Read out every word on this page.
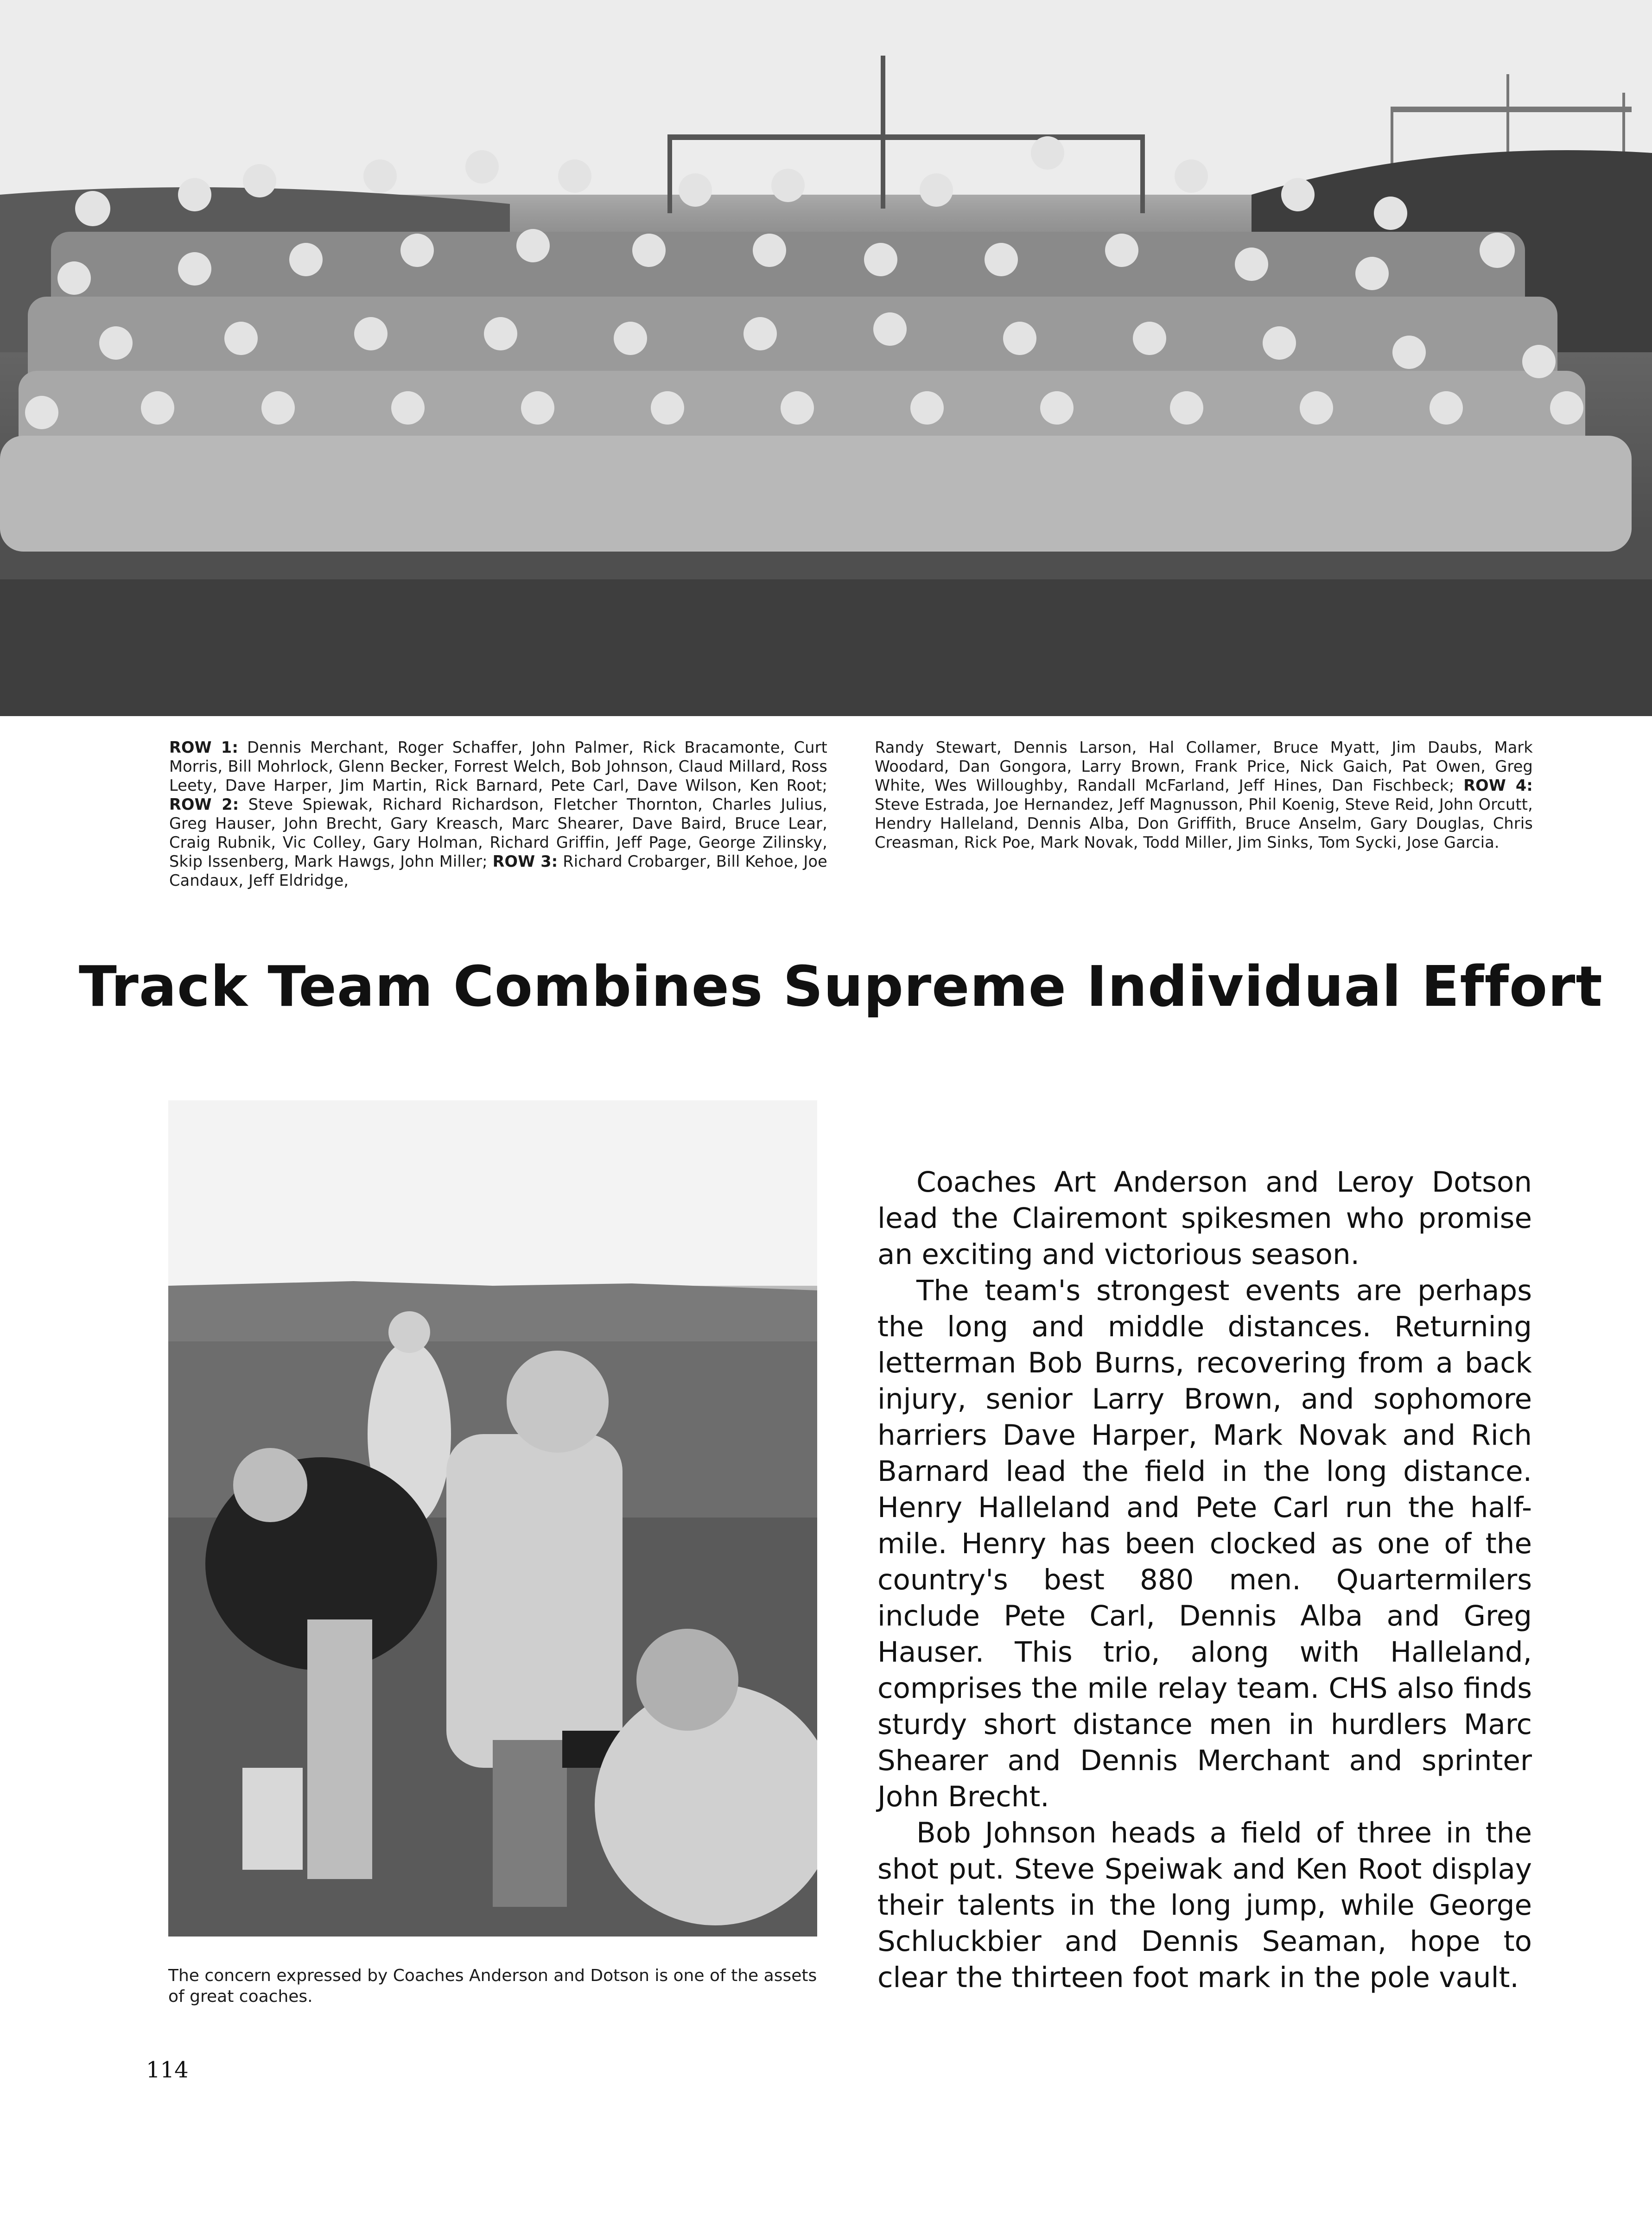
ROW 1: Dennis Merchant, Roger Schaffer, John Palmer, Rick Bracamonte, Curt Morris, Bill Mohrlock, Glenn Becker, Forrest Welch, Bob Johnson, Claud Millard, Ross Leety, Dave Harper, Jim Martin, Rick Barnard, Pete Carl, Dave Wilson, Ken Root; ROW 2: Steve Spiewak, Richard Richardson, Fletcher Thornton, Charles Julius, Greg Hauser, John Brecht, Gary Kreasch, Marc Shearer, Dave Baird, Bruce Lear, Craig Rubnik, Vic Colley, Gary Holman, Richard Griffin, Jeff Page, George Zilinsky, Skip Issenberg, Mark Hawgs, John Miller; ROW 3: Richard Crobarger, Bill Kehoe, Joe Candaux, Jeff Eldridge,
Randy Stewart, Dennis Larson, Hal Collamer, Bruce Myatt, Jim Daubs, Mark Woodard, Dan Gongora, Larry Brown, Frank Price, Nick Gaich, Pat Owen, Greg White, Wes Willoughby, Randall McFarland, Jeff Hines, Dan Fischbeck; ROW 4: Steve Estrada, Joe Hernandez, Jeff Magnusson, Phil Koenig, Steve Reid, John Orcutt, Hendry Halleland, Dennis Alba, Don Griffith, Bruce Anselm, Gary Douglas, Chris Creasman, Rick Poe, Mark Novak, Todd Miller, Jim Sinks, Tom Sycki, Jose Garcia.
Track Team Combines Supreme Individual Effort
The concern expressed by Coaches Anderson and Dotson is one of the assets of great coaches.

Coaches Art Anderson and Leroy Dotson lead the Clairemont spikesmen who promise an exciting and victorious season.

The team's strongest events are perhaps the long and middle distances. Returning letterman Bob Burns, recovering from a back injury, senior Larry Brown, and sophomore harriers Dave Harper, Mark Novak and Rich Barnard lead the field in the long distance. Henry Halleland and Pete Carl run the half-mile. Henry has been clocked as one of the country's best 880 men. Quartermilers include Pete Carl, Dennis Alba and Greg Hauser. This trio, along with Halleland, comprises the mile relay team. CHS also finds sturdy short distance men in hurdlers Marc Shearer and Dennis Merchant and sprinter John Brecht.

Bob Johnson heads a field of three in the shot put. Steve Speiwak and Ken Root display their talents in the long jump, while George Schluckbier and Dennis Seaman, hope to clear the thirteen foot mark in the pole vault.

114
